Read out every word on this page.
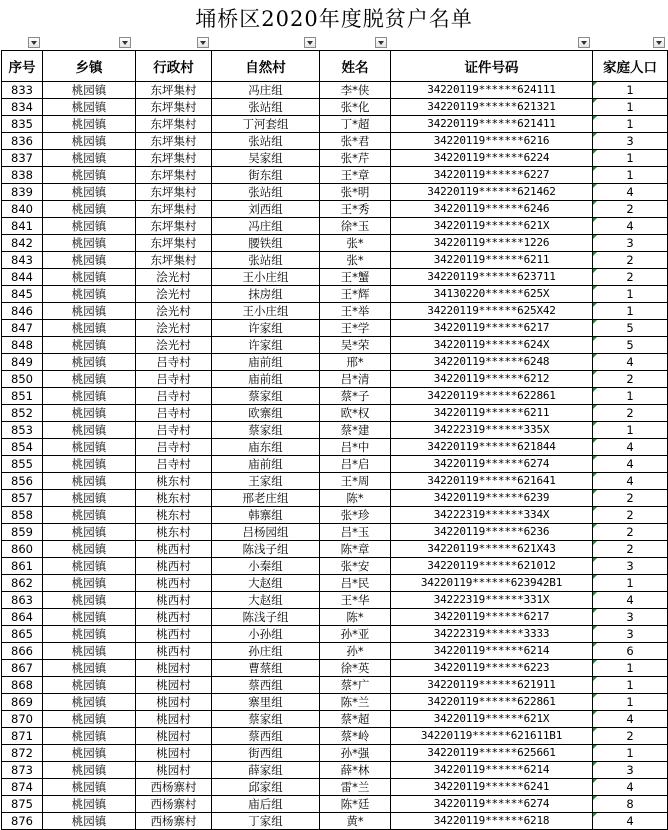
埇桥区2020年度脱贫户名单
序号	乡镇	行政村	自然村	姓名	证件号码	家庭人口
833	桃园镇	东坪集村	冯庄组	李*侠	34220119******624111	1
834	桃园镇	东坪集村	张站组	张*化	34220119******621321	1
835	桃园镇	东坪集村	丁河套组	丁*超	34220119******621411	1
836	桃园镇	东坪集村	张站组	张*君	34220119******6216	3
837	桃园镇	东坪集村	吴家组	张*芹	34220119******6224	1
838	桃园镇	东坪集村	街东组	王*章	34220119******6227	1
839	桃园镇	东坪集村	张站组	张*明	34220119******621462	4
840	桃园镇	东坪集村	刘西组	王*秀	34220119******6246	2
841	桃园镇	东坪集村	冯庄组	徐*玉	34220119******621X	4
842	桃园镇	东坪集村	腰铁组	张*	34220119******1226	3
843	桃园镇	东坪集村	张站组	张*	34220119******6211	2
844	桃园镇	浍光村	王小庄组	王*蟹	34220119******623711	2
845	桃园镇	浍光村	抹房组	王*辉	34130220******625X	1
846	桃园镇	浍光村	王小庄组	王*举	34220119******625X42	1
847	桃园镇	浍光村	许家组	王*学	34220119******6217	5
848	桃园镇	浍光村	许家组	吴*荣	34220119******624X	5
849	桃园镇	吕寺村	庙前组	邢*	34220119******6248	4
850	桃园镇	吕寺村	庙前组	吕*清	34220119******6212	2
851	桃园镇	吕寺村	蔡家组	蔡*子	34220119******622861	1
852	桃园镇	吕寺村	欧寨组	欧*权	34220119******6211	2
853	桃园镇	吕寺村	蔡家组	蔡*建	34222319******335X	1
854	桃园镇	吕寺村	庙东组	吕*中	34220119******621844	4
855	桃园镇	吕寺村	庙前组	吕*启	34220119******6274	4
856	桃园镇	桃东村	王家组	王*周	34220119******621641	4
857	桃园镇	桃东村	邢老庄组	陈*	34220119******6239	2
858	桃园镇	桃东村	韩寨组	张*珍	34222319******334X	2
859	桃园镇	桃东村	吕杨园组	吕*玉	34220119******6236	2
860	桃园镇	桃西村	陈浅子组	陈*章	34220119******621X43	2
861	桃园镇	桃西村	小秦组	张*安	34220119******621012	3
862	桃园镇	桃西村	大赵组	吕*民	34220119******623942B1	1
863	桃园镇	桃西村	大赵组	王*华	34222319******331X	4
864	桃园镇	桃西村	陈浅子组	陈*	34220119******6217	3
865	桃园镇	桃西村	小孙组	孙*亚	34222319******3333	3
866	桃园镇	桃西村	孙庄组	孙*	34220119******6214	6
867	桃园镇	桃园村	曹蔡组	徐*英	34220119******6223	1
868	桃园镇	桃园村	蔡西组	蔡*广	34220119******621911	1
869	桃园镇	桃园村	寨里组	陈*兰	34220119******622861	1
870	桃园镇	桃园村	蔡家组	蔡*超	34220119******621X	4
871	桃园镇	桃园村	蔡西组	蔡*岭	34220119******621611B1	2
872	桃园镇	桃园村	街西组	孙*强	34220119******625661	1
873	桃园镇	桃园村	薛家组	薛*林	34220119******6214	3
874	桃园镇	西杨寨村	邱家组	雷*兰	34220119******6241	4
875	桃园镇	西杨寨村	庙后组	陈*廷	34220119******6274	8
876	桃园镇	西杨寨村	丁家组	黄*	34220119******6218	4
